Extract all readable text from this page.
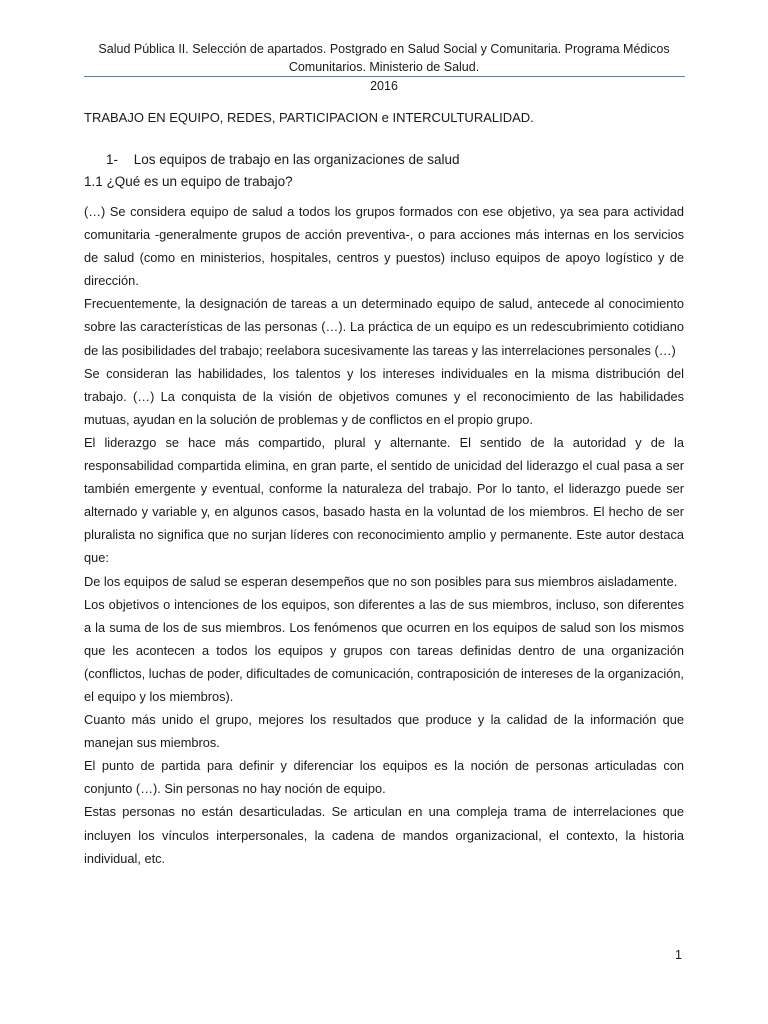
Salud Pública II. Selección de apartados. Postgrado en Salud Social y Comunitaria. Programa Médicos Comunitarios. Ministerio de Salud.
2016

TRABAJO EN EQUIPO, REDES, PARTICIPACION e INTERCULTURALIDAD.

1- Los equipos de trabajo en las organizaciones de salud

1.1 ¿Qué es un equipo de trabajo?

(…) Se considera equipo de salud a todos los grupos formados con ese objetivo, ya sea para actividad comunitaria -generalmente grupos de acción preventiva-, o para acciones más internas en los servicios de salud (como en ministerios, hospitales, centros y puestos) incluso equipos de apoyo logístico y de dirección.

Frecuentemente, la designación de tareas a un determinado equipo de salud, antecede al conocimiento sobre las características de las personas (…). La práctica de un equipo es un redescubrimiento cotidiano de las posibilidades del trabajo; reelabora sucesivamente las tareas y las interrelaciones personales (…)

Se consideran las habilidades, los talentos y los intereses individuales en la misma distribución del trabajo. (…) La conquista de la visión de objetivos comunes y el reconocimiento de las habilidades mutuas, ayudan en la solución de problemas y de conflictos en el propio grupo.

El liderazgo se hace más compartido, plural y alternante. El sentido de la autoridad y de la responsabilidad compartida elimina, en gran parte, el sentido de unicidad del liderazgo el cual pasa a ser también emergente y eventual, conforme la naturaleza del trabajo. Por lo tanto, el liderazgo puede ser alternado y variable y, en algunos casos, basado hasta en la voluntad de los miembros. El hecho de ser pluralista no significa que no surjan líderes con reconocimiento amplio y permanente. Este autor destaca que:

De los equipos de salud se esperan desempeños que no son posibles para sus miembros aisladamente.

Los objetivos o intenciones de los equipos, son diferentes a las de sus miembros, incluso, son diferentes a la suma de los de sus miembros. Los fenómenos que ocurren en los equipos de salud son los mismos que les acontecen a todos los equipos y grupos con tareas definidas dentro de una organización (conflictos, luchas de poder, dificultades de comunicación, contraposición de intereses de la organización, el equipo y los miembros).

Cuanto más unido el grupo, mejores los resultados que produce y la calidad de la información que manejan sus miembros.

El punto de partida para definir y diferenciar los equipos es la noción de personas articuladas con conjunto (…). Sin personas no hay noción de equipo.

Estas personas no están desarticuladas. Se articulan en una compleja trama de interrelaciones que incluyen los vínculos interpersonales, la cadena de mandos organizacional, el contexto, la historia individual, etc.

1
